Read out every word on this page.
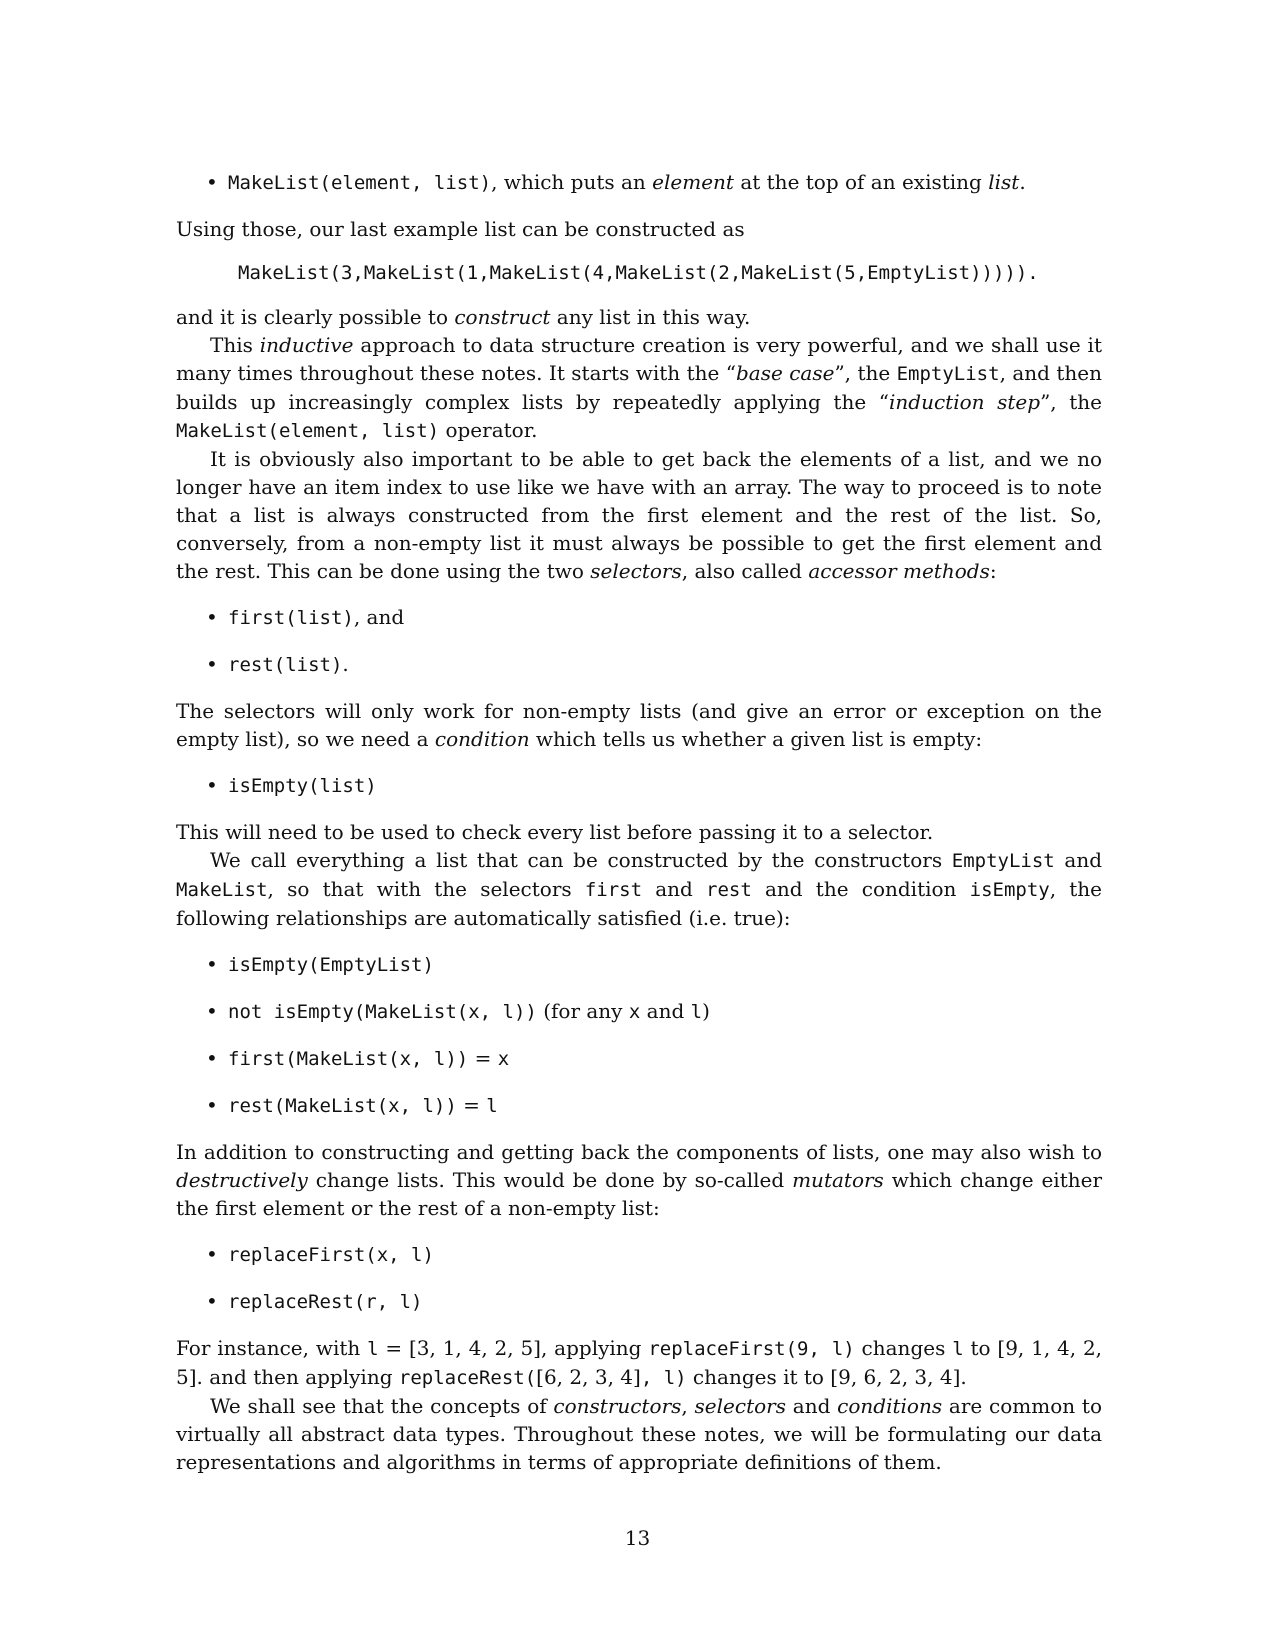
• MakeList(element, list), which puts an element at the top of an existing list.

Using those, our last example list can be constructed as

MakeList(3,MakeList(1,MakeList(4,MakeList(2,MakeList(5,EmptyList))))).

and it is clearly possible to construct any list in this way.

This inductive approach to data structure creation is very powerful, and we shall use it many times throughout these notes. It starts with the “base case”, the EmptyList, and then builds up increasingly complex lists by repeatedly applying the “induction step”, the MakeList(element, list) operator.

It is obviously also important to be able to get back the elements of a list, and we no longer have an item index to use like we have with an array. The way to proceed is to note that a list is always constructed from the first element and the rest of the list. So, conversely, from a non-empty list it must always be possible to get the first element and the rest. This can be done using the two selectors, also called accessor methods:

• first(list), and
• rest(list).

The selectors will only work for non-empty lists (and give an error or exception on the empty list), so we need a condition which tells us whether a given list is empty:

• isEmpty(list)

This will need to be used to check every list before passing it to a selector.

We call everything a list that can be constructed by the constructors EmptyList and MakeList, so that with the selectors first and rest and the condition isEmpty, the following relationships are automatically satisfied (i.e. true):

• isEmpty(EmptyList)
• not isEmpty(MakeList(x, l)) (for any x and l)
• first(MakeList(x, l)) = x
• rest(MakeList(x, l)) = l

In addition to constructing and getting back the components of lists, one may also wish to destructively change lists. This would be done by so-called mutators which change either the first element or the rest of a non-empty list:

• replaceFirst(x, l)
• replaceRest(r, l)

For instance, with l = [3, 1, 4, 2, 5], applying replaceFirst(9, l) changes l to [9, 1, 4, 2, 5]. and then applying replaceRest([6, 2, 3, 4], l) changes it to [9, 6, 2, 3, 4].

We shall see that the concepts of constructors, selectors and conditions are common to virtually all abstract data types. Throughout these notes, we will be formulating our data representations and algorithms in terms of appropriate definitions of them.

13
